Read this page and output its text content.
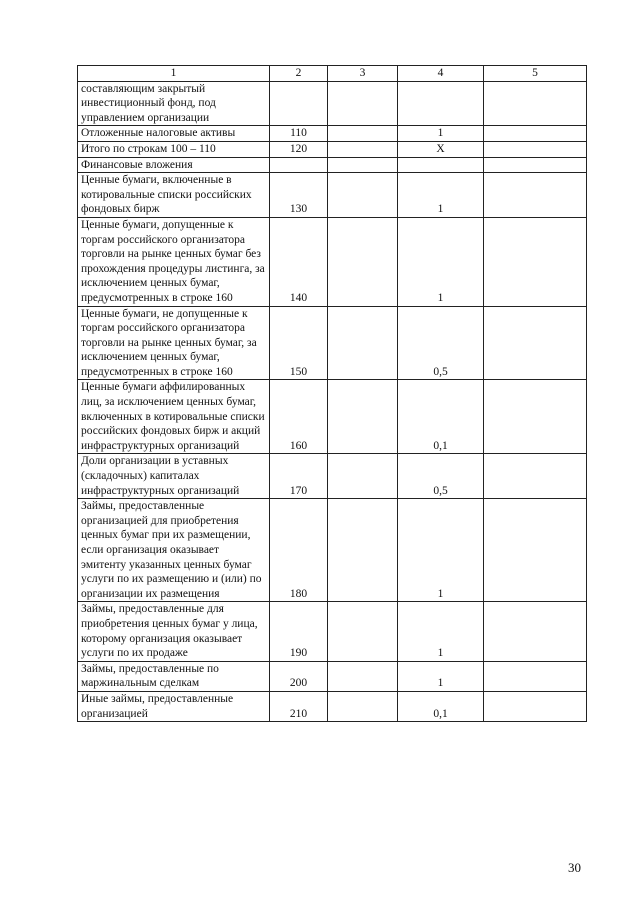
1	2	3	4	5
составляющим закрытый инвестиционный фонд, под управлением организации				
Отложенные налоговые активы	110		1	
Итого по строкам 100 – 110	120		X	
Финансовые вложения				
Ценные бумаги, включенные в котировальные списки российских фондовых бирж	130		1	
Ценные бумаги, допущенные к торгам российского организатора торговли на рынке ценных бумаг без прохождения процедуры листинга, за исключением ценных бумаг, предусмотренных в строке 160	140		1	
Ценные бумаги, не допущенные к торгам российского организатора торговли на рынке ценных бумаг, за исключением ценных бумаг, предусмотренных в строке 160	150		0,5	
Ценные бумаги аффилированных лиц, за исключением ценных бумаг, включенных в котировальные списки российских фондовых бирж и акций инфраструктурных организаций	160		0,1	
Доли организации в уставных (складочных) капиталах инфраструктурных организаций	170		0,5	
Займы, предоставленные организацией для приобретения ценных бумаг при их размещении, если организация оказывает эмитенту указанных ценных бумаг услуги по их размещению и (или) по организации их размещения	180		1	
Займы, предоставленные для приобретения ценных бумаг у лица, которому организация оказывает услуги по их продаже	190		1	
Займы, предоставленные по маржинальным сделкам	200		1	
Иные займы, предоставленные организацией	210		0,1	
30
